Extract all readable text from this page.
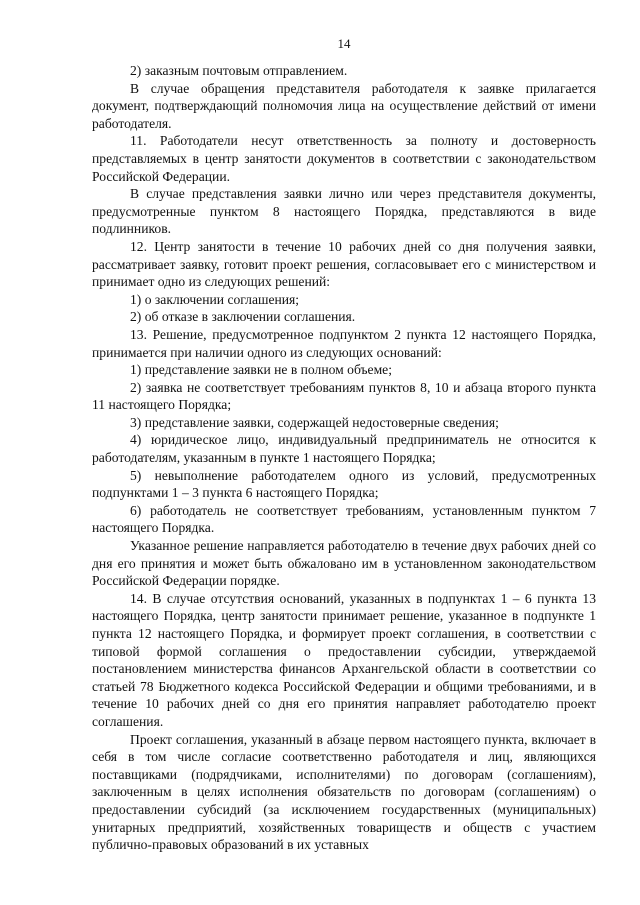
14

2) заказным почтовым отправлением.

В случае обращения представителя работодателя к заявке прилагается документ, подтверждающий полномочия лица на осуществление действий от имени работодателя.

11. Работодатели несут ответственность за полноту и достоверность представляемых в центр занятости документов в соответствии с законодательством Российской Федерации.

В случае представления заявки лично или через представителя документы, предусмотренные пунктом 8 настоящего Порядка, представляются в виде подлинников.

12. Центр занятости в течение 10 рабочих дней со дня получения заявки, рассматривает заявку, готовит проект решения, согласовывает его с министерством и принимает одно из следующих решений:

1) о заключении соглашения;

2) об отказе в заключении соглашения.

13. Решение, предусмотренное подпунктом 2 пункта 12 настоящего Порядка, принимается при наличии одного из следующих оснований:

1) представление заявки не в полном объеме;

2) заявка не соответствует требованиям пунктов 8, 10 и абзаца второго пункта 11 настоящего Порядка;

3) представление заявки, содержащей недостоверные сведения;

4) юридическое лицо, индивидуальный предприниматель не относится к работодателям, указанным в пункте 1 настоящего Порядка;

5) невыполнение работодателем одного из условий, предусмотренных подпунктами 1 – 3 пункта 6 настоящего Порядка;

6) работодатель не соответствует требованиям, установленным пунктом 7 настоящего Порядка.

Указанное решение направляется работодателю в течение двух рабочих дней со дня его принятия и может быть обжаловано им в установленном законодательством Российской Федерации порядке.

14. В случае отсутствия оснований, указанных в подпунктах 1 – 6 пункта 13 настоящего Порядка, центр занятости принимает решение, указанное в подпункте 1 пункта 12 настоящего Порядка, и формирует проект соглашения, в соответствии с типовой формой соглашения о предоставлении субсидии, утверждаемой постановлением министерства финансов Архангельской области в соответствии со статьей 78 Бюджетного кодекса Российской Федерации и общими требованиями, и в течение 10 рабочих дней со дня его принятия направляет работодателю проект соглашения.

Проект соглашения, указанный в абзаце первом настоящего пункта, включает в себя в том числе согласие соответственно работодателя и лиц, являющихся поставщиками (подрядчиками, исполнителями) по договорам (соглашениям), заключенным в целях исполнения обязательств по договорам (соглашениям) о предоставлении субсидий (за исключением государственных (муниципальных) унитарных предприятий, хозяйственных товариществ и обществ с участием публично-правовых образований в их уставных
